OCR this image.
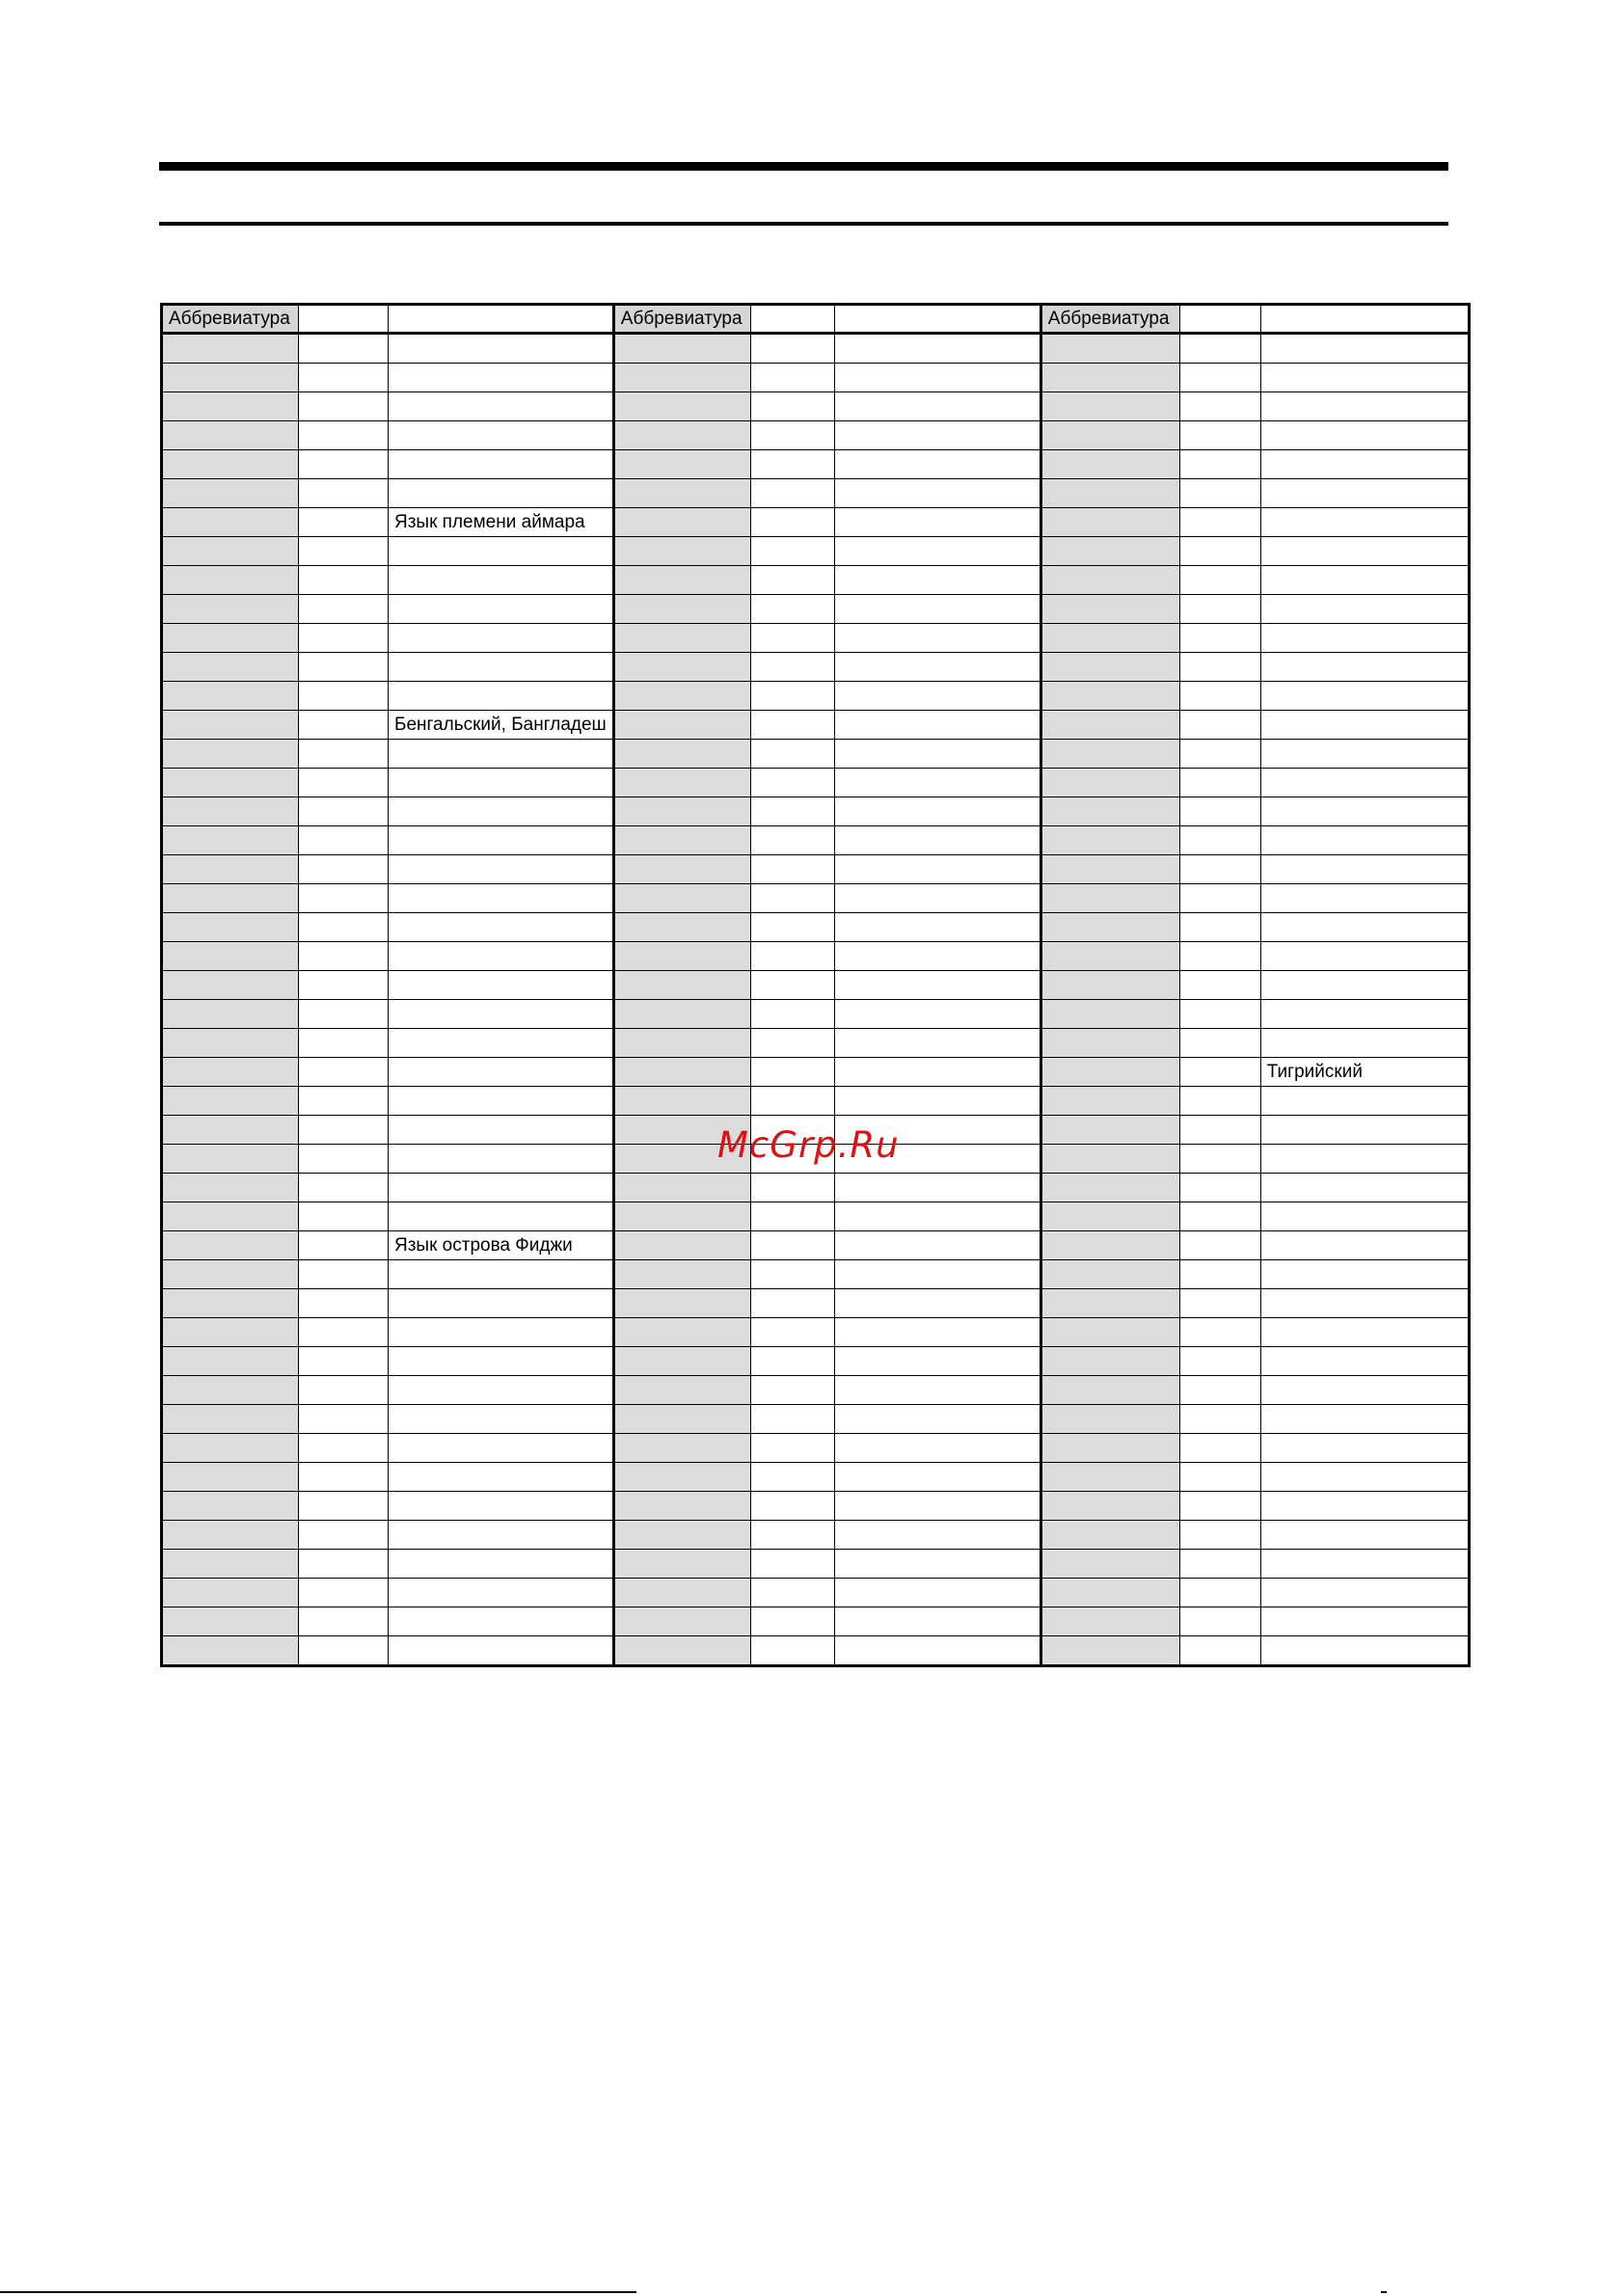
Аббревиатура			Аббревиатура			Аббревиатура		

		Язык племени аймара						

		Бенгальский, Бангладеш						

								Тигрийский

		Язык острова Фиджи						

McGrp.Ru
